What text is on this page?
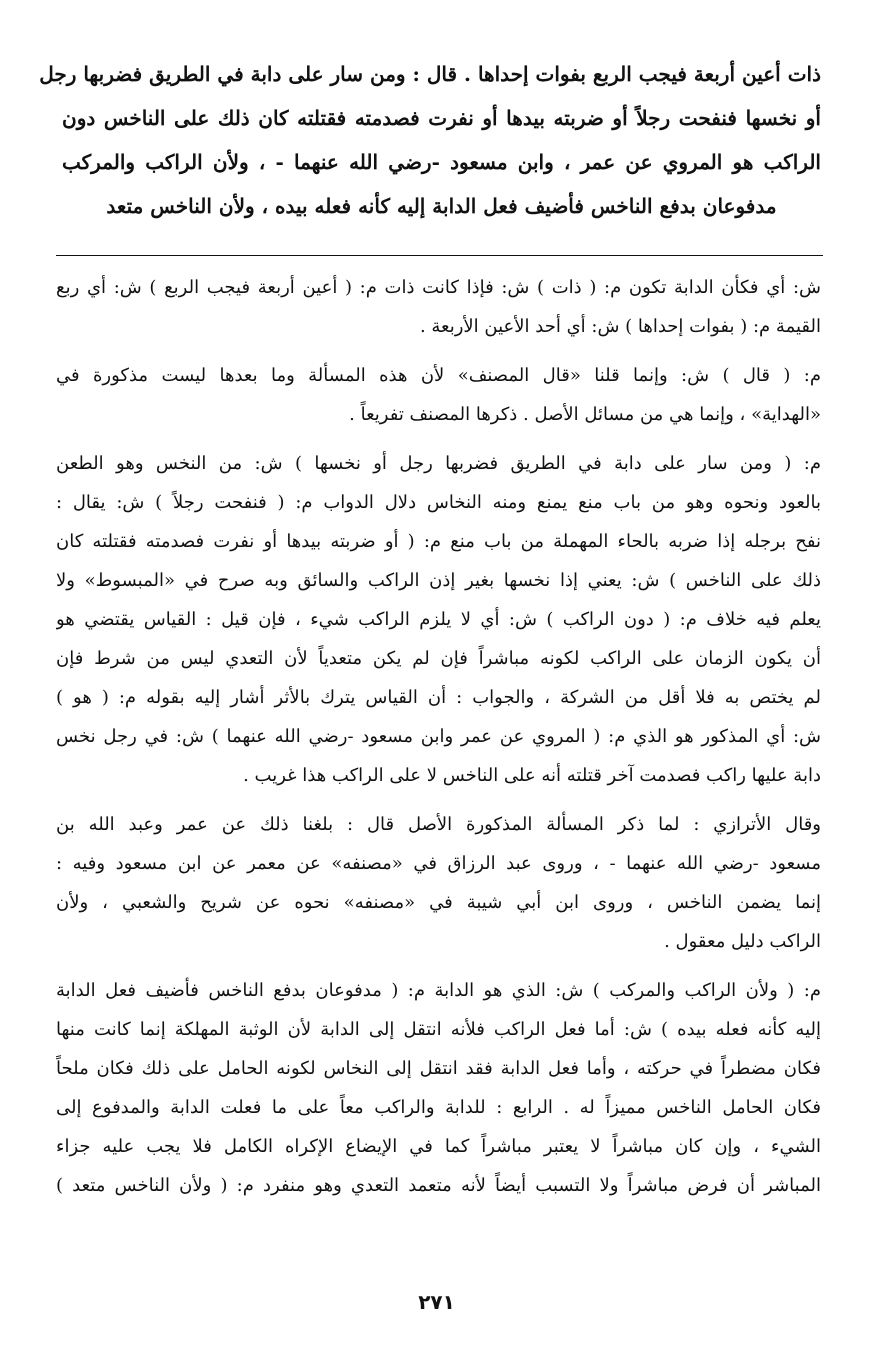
ذات أعين أربعة فيجب الربع بفوات إحداها . قال : ومن سار على دابة في الطريق فضربها رجل
أو نخسها فنفحت رجلاً أو ضربته بيدها أو نفرت فصدمته فقتلته كان ذلك على الناخس دون
الراكب هو المروي عن عمر ، وابن مسعود -رضي الله عنهما - ، ولأن الراكب والمركب
مدفوعان بدفع الناخس فأضيف فعل الدابة إليه كأنه فعله بيده ، ولأن الناخس متعد
ش: أي فكأن الدابة تكون م: ( ذات ) ش: فإذا كانت ذات م: ( أعين أربعة فيجب الربع ) ش: أي ربع
القيمة م: ( بفوات إحداها ) ش: أي أحد الأعين الأربعة .
م: ( قال ) ش: وإنما قلنا «قال المصنف» لأن هذه المسألة وما بعدها ليست مذكورة في
«الهداية» ، وإنما هي من مسائل الأصل . ذكرها المصنف تفريعاً .
م: ( ومن سار على دابة في الطريق فضربها رجل أو نخسها ) ش: من النخس وهو الطعن
بالعود ونحوه وهو من باب منع يمنع ومنه النخاس دلال الدواب م: ( فنفحت رجلاً ) ش: يقال :
نفح برجله إذا ضربه بالحاء المهملة من باب منع م: ( أو ضربته بيدها أو نفرت فصدمته فقتلته كان
ذلك على الناخس ) ش: يعني إذا نخسها بغير إذن الراكب والسائق وبه صرح في «المبسوط» ولا
يعلم فيه خلاف م: ( دون الراكب ) ش: أي لا يلزم الراكب شيء ، فإن قيل : القياس يقتضي هو
أن يكون الزمان على الراكب لكونه مباشراً فإن لم يكن متعدياً لأن التعدي ليس من شرط فإن
لم يختص به فلا أقل من الشركة ، والجواب : أن القياس يترك بالأثر أشار إليه بقوله م: ( هو )
ش: أي المذكور هو الذي م: ( المروي عن عمر وابن مسعود -رضي الله عنهما ) ش: في رجل نخس
دابة عليها راكب فصدمت آخر قتلته أنه على الناخس لا على الراكب هذا غريب .
وقال الأترازي : لما ذكر المسألة المذكورة الأصل قال : بلغنا ذلك عن عمر وعبد الله بن
مسعود -رضي الله عنهما - ، وروى عبد الرزاق في «مصنفه» عن معمر عن ابن مسعود وفيه :
إنما يضمن الناخس ، وروى ابن أبي شيبة في «مصنفه» نحوه عن شريح والشعبي ، ولأن
الراكب دليل معقول .
م: ( ولأن الراكب والمركب ) ش: الذي هو الدابة م: ( مدفوعان بدفع الناخس فأضيف فعل الدابة
إليه كأنه فعله بيده ) ش: أما فعل الراكب فلأنه انتقل إلى الدابة لأن الوثبة المهلكة إنما كانت منها
فكان مضطراً في حركته ، وأما فعل الدابة فقد انتقل إلى النخاس لكونه الحامل على ذلك فكان ملحاً
فكان الحامل الناخس مميزاً له . الرابع : للدابة والراكب معاً على ما فعلت الدابة والمدفوع إلى
الشيء ، وإن كان مباشراً لا يعتبر مباشراً كما في الإيضاع الإكراه الكامل فلا يجب عليه جزاء
المباشر أن فرض مباشراً ولا التسبب أيضاً لأنه متعمد التعدي وهو منفرد م: ( ولأن الناخس متعد )
٢٧١
